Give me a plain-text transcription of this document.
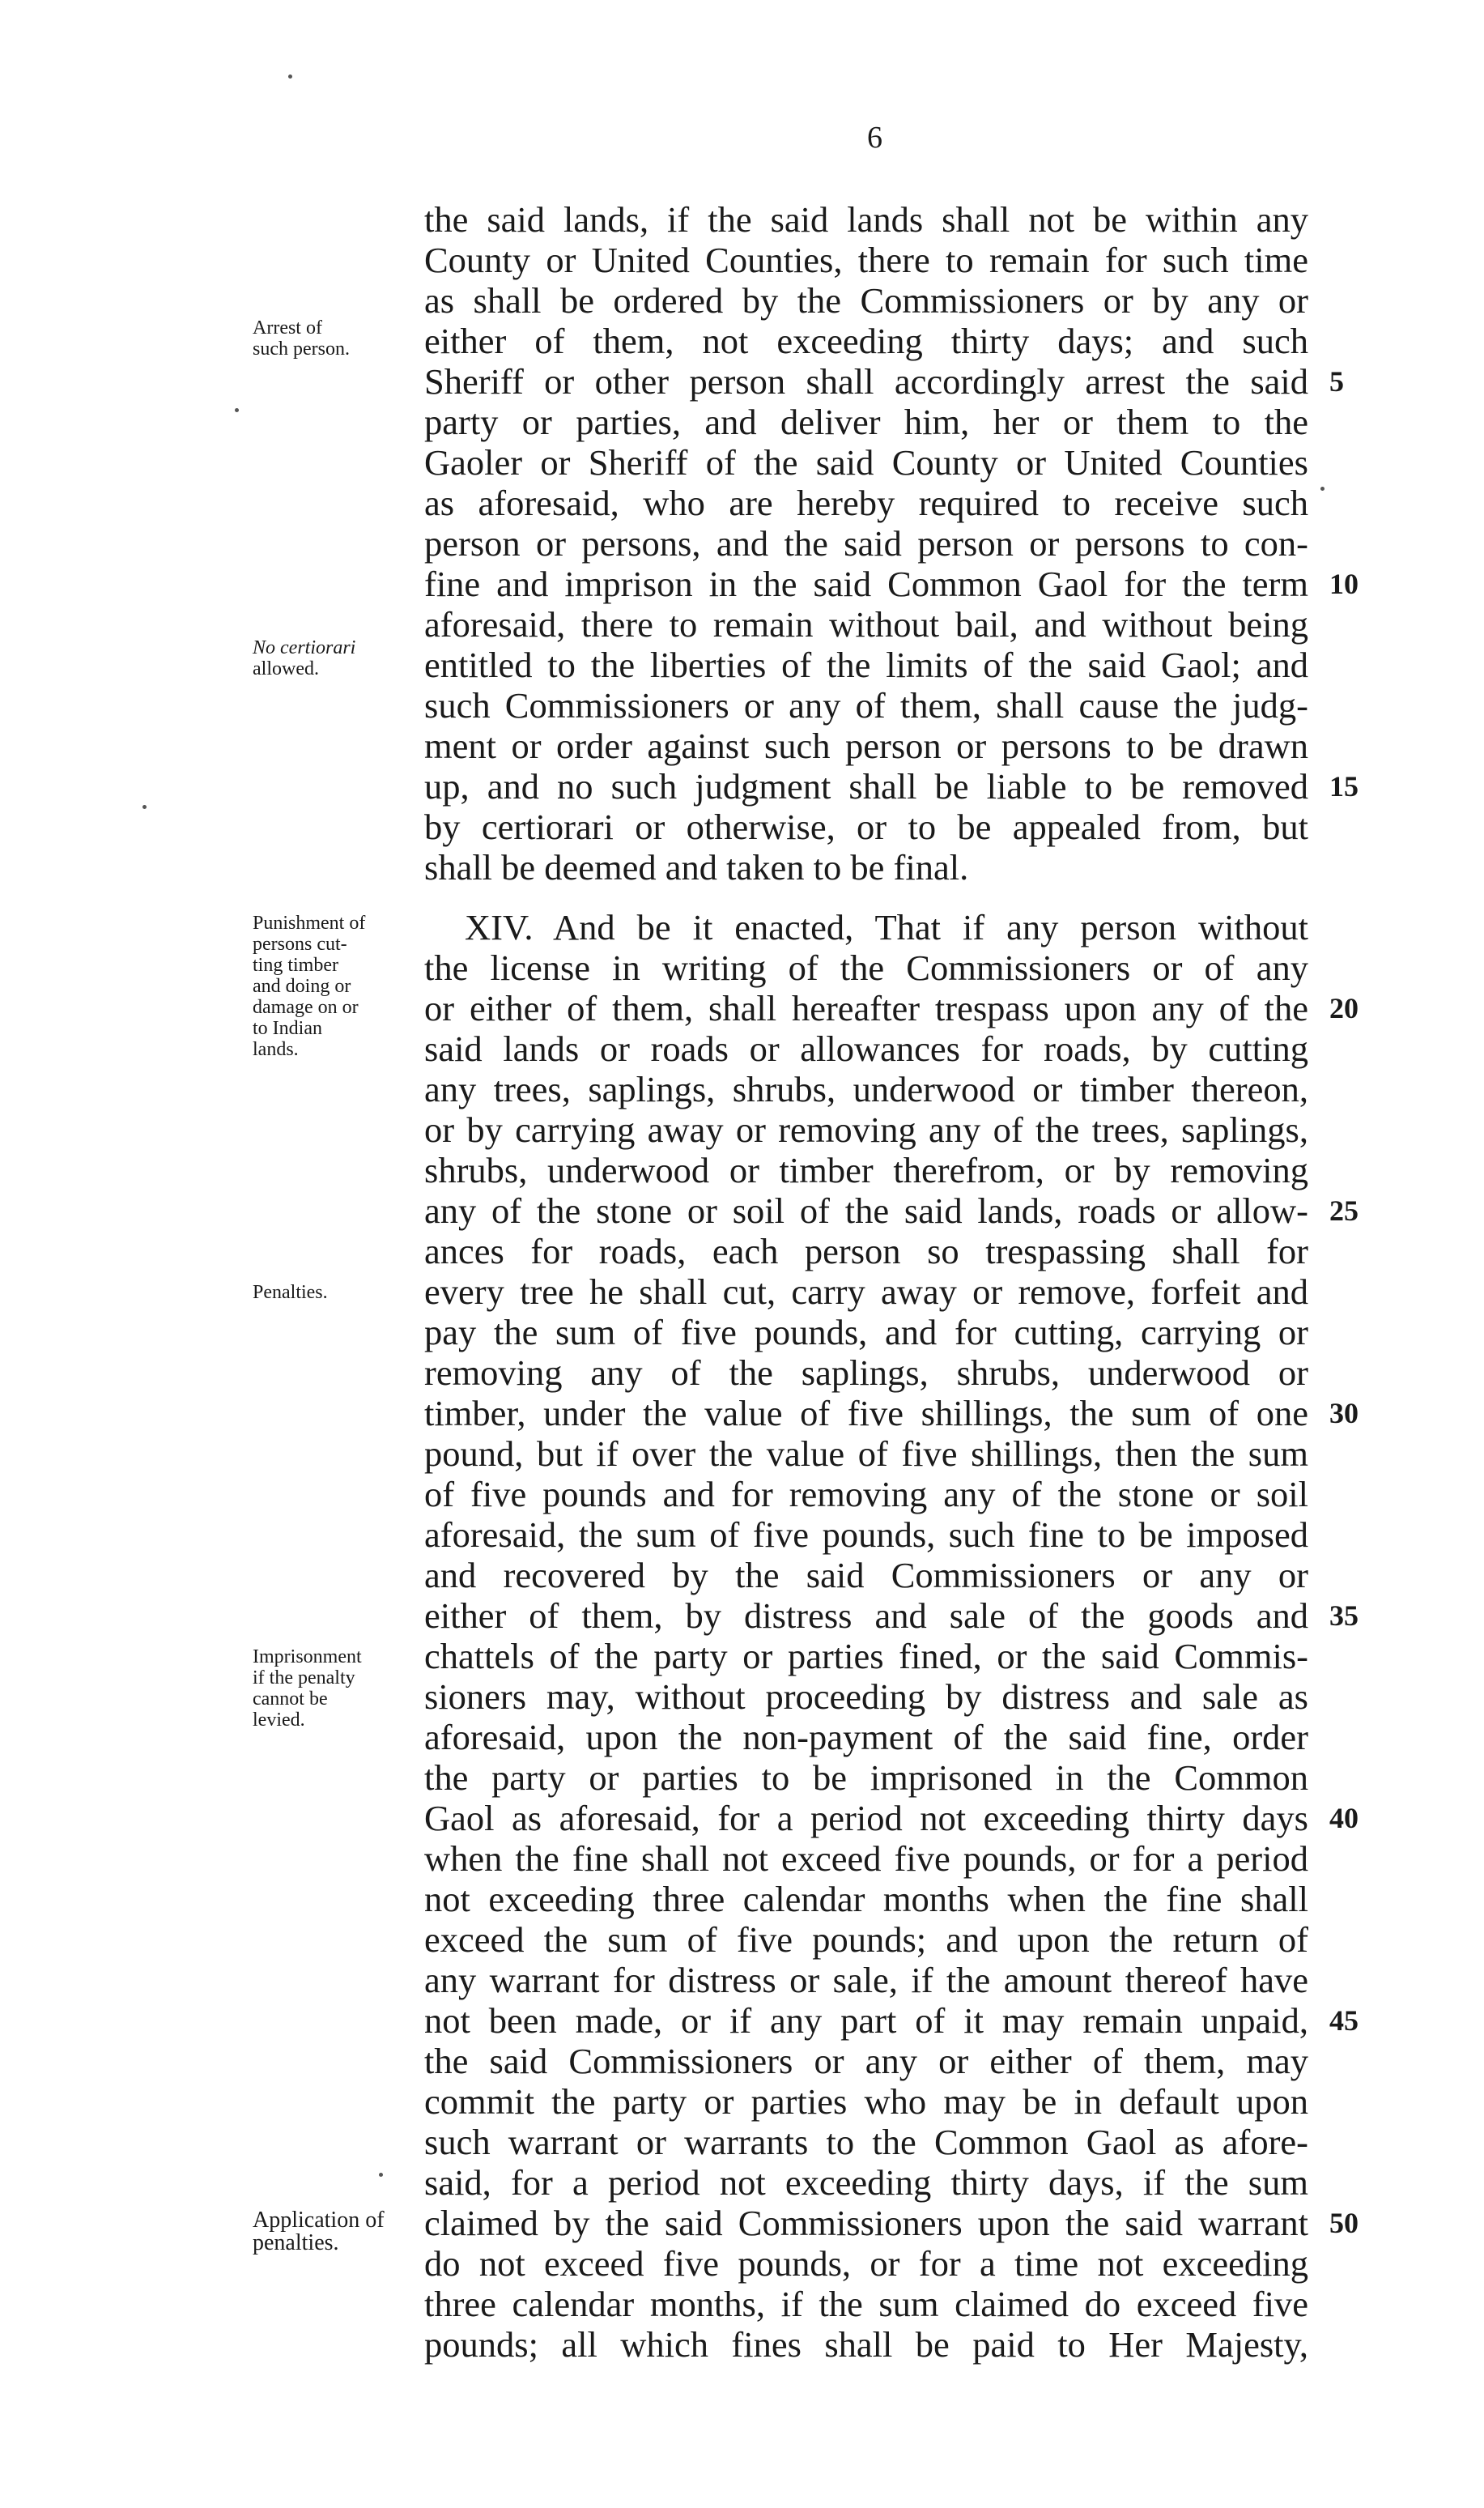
6
Arrest of
such person.
No certiorari
allowed.
Punishment of
persons cut-
ting timber
and doing or
damage on or
to Indian
lands.
Penalties.
Imprisonment
if the penalty
cannot be
levied.
Application of
penalties.
the said lands, if the said lands shall not be within any
County or United Counties, there to remain for such time
as shall be ordered by the Commissioners or by any or
either of them, not exceeding thirty days; and such
Sheriff or other person shall accordingly arrest the said
party or parties, and deliver him, her or them to the
Gaoler or Sheriff of the said County or United Counties
as aforesaid, who are hereby required to receive such
person or persons, and the said person or persons to con-
fine and imprison in the said Common Gaol for the term
aforesaid, there to remain without bail, and without being
entitled to the liberties of the limits of the said Gaol; and
such Commissioners or any of them, shall cause the judg-
ment or order against such person or persons to be drawn
up, and no such judgment shall be liable to be removed
by certiorari or otherwise, or to be appealed from, but
shall be deemed and taken to be final.
XIV. And be it enacted, That if any person without
the license in writing of the Commissioners or of any
or either of them, shall hereafter trespass upon any of the
said lands or roads or allowances for roads, by cutting
any trees, saplings, shrubs, underwood or timber thereon,
or by carrying away or removing any of the trees, saplings,
shrubs, underwood or timber therefrom, or by removing
any of the stone or soil of the said lands, roads or allow-
ances for roads, each person so trespassing shall for
every tree he shall cut, carry away or remove, forfeit and
pay the sum of five pounds, and for cutting, carrying or
removing any of the saplings, shrubs, underwood or
timber, under the value of five shillings, the sum of one
pound, but if over the value of five shillings, then the sum
of five pounds and for removing any of the stone or soil
aforesaid, the sum of five pounds, such fine to be imposed
and recovered by the said Commissioners or any or
either of them, by distress and sale of the goods and
chattels of the party or parties fined, or the said Commis-
sioners may, without proceeding by distress and sale as
aforesaid, upon the non-payment of the said fine, order
the party or parties to be imprisoned in the Common
Gaol as aforesaid, for a period not exceeding thirty days
when the fine shall not exceed five pounds, or for a period
not exceeding three calendar months when the fine shall
exceed the sum of five pounds; and upon the return of
any warrant for distress or sale, if the amount thereof have
not been made, or if any part of it may remain unpaid,
the said Commissioners or any or either of them, may
commit the party or parties who may be in default upon
such warrant or warrants to the Common Gaol as afore-
said, for a period not exceeding thirty days, if the sum
claimed by the said Commissioners upon the said warrant
do not exceed five pounds, or for a time not exceeding
three calendar months, if the sum claimed do exceed five
pounds; all which fines shall be paid to Her Majesty,
5
10
15
20
25
30
35
40
45
50
